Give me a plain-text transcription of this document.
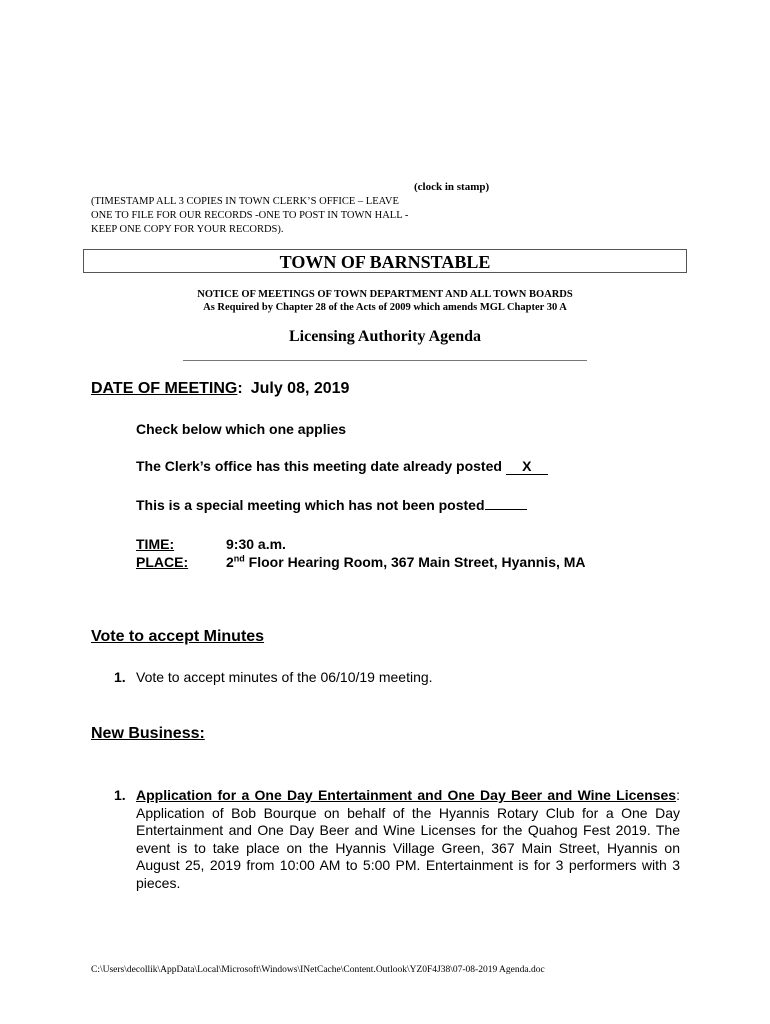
(clock in stamp)
(TIMESTAMP ALL 3 COPIES IN TOWN CLERK’S OFFICE – LEAVE ONE TO FILE FOR OUR RECORDS -ONE TO POST IN TOWN HALL - KEEP ONE COPY FOR YOUR RECORDS).
TOWN OF BARNSTABLE
NOTICE OF MEETINGS OF TOWN DEPARTMENT AND ALL TOWN BOARDS
As Required by Chapter 28 of the Acts of 2009 which amends MGL Chapter 30 A
Licensing Authority Agenda
DATE OF MEETING: July 08, 2019
Check below which one applies
The Clerk’s office has this meeting date already posted X
This is a special meeting which has not been posted
TIME:	9:30 a.m.
PLACE:	2nd Floor Hearing Room, 367 Main Street, Hyannis, MA
Vote to accept Minutes
1. Vote to accept minutes of the 06/10/19 meeting.
New Business:
1. Application for a One Day Entertainment and One Day Beer and Wine Licenses: Application of Bob Bourque on behalf of the Hyannis Rotary Club for a One Day Entertainment and One Day Beer and Wine Licenses for the Quahog Fest 2019. The event is to take place on the Hyannis Village Green, 367 Main Street, Hyannis on August 25, 2019 from 10:00 AM to 5:00 PM. Entertainment is for 3 performers with 3 pieces.
C:\Users\decollik\AppData\Local\Microsoft\Windows\INetCache\Content.Outlook\YZ0F4J38\07-08-2019 Agenda.doc
